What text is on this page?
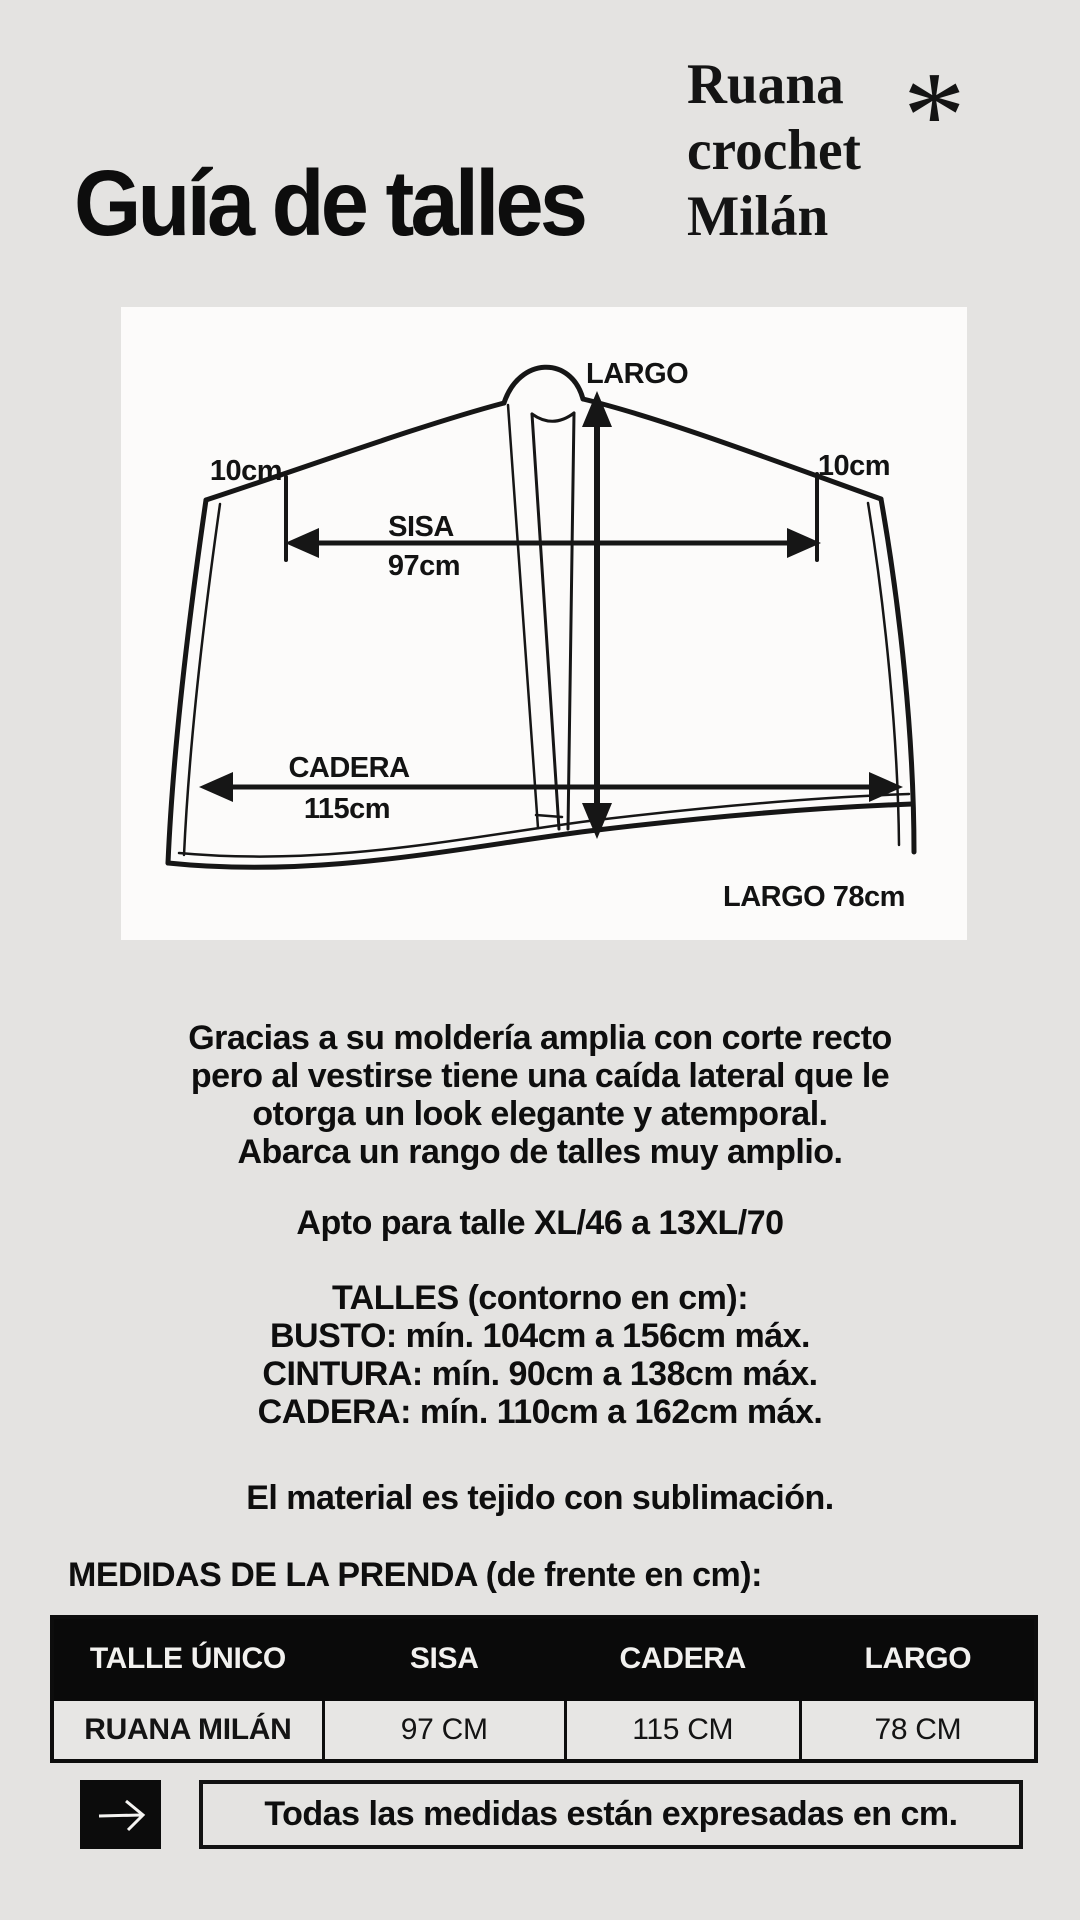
Guía de talles
Ruana
crochet
Milán
*
LARGO
10cm	10cm
SISA
97cm
CADERA
115cm
LARGO 78cm
Gracias a su moldería amplia con corte recto
pero al vestirse tiene una caída lateral que le
otorga un look elegante y atemporal.
Abarca un rango de talles muy amplio.
Apto para talle XL/46 a 13XL/70
TALLES (contorno en cm):
BUSTO: mín. 104cm a 156cm máx.
CINTURA: mín. 90cm a 138cm máx.
CADERA: mín. 110cm a 162cm máx.
El material es tejido con sublimación.
MEDIDAS DE LA PRENDA (de frente en cm):
TALLE ÚNICO	SISA	CADERA	LARGO
RUANA MILÁN	97 CM	115 CM	78 CM
Todas las medidas están expresadas en cm.
